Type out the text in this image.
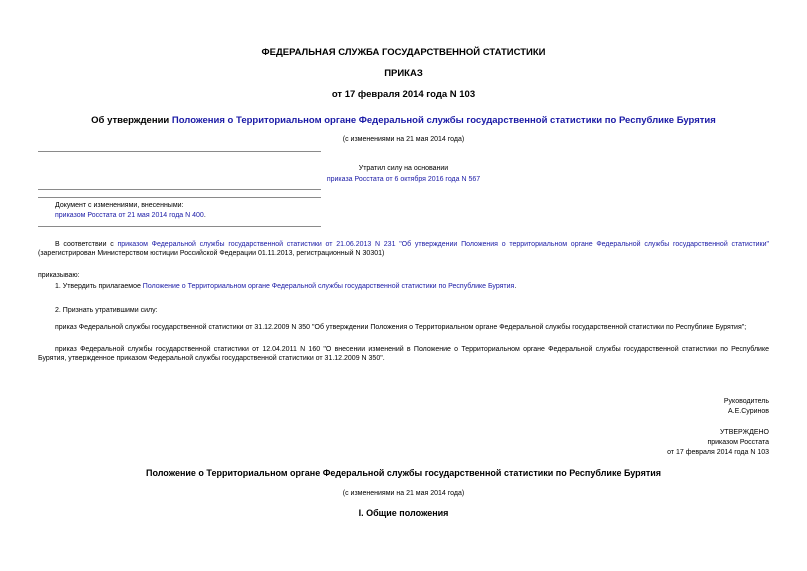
ФЕДЕРАЛЬНАЯ СЛУЖБА ГОСУДАРСТВЕННОЙ СТАТИСТИКИ
ПРИКАЗ
от 17 февраля 2014 года N 103
Об утверждении Положения о Территориальном органе Федеральной службы государственной статистики по Республике Бурятия
(с изменениями на 21 мая 2014 года)
Утратил силу на основании
приказа Росстата от 6 октября 2016 года N 567
Документ с изменениями, внесенными:
приказом Росстата от 21 мая 2014 года N 400.
В соответствии с приказом Федеральной службы государственной статистики от 21.06.2013 N 231 "Об утверждении Положения о территориальном органе Федеральной службы государственной статистики" (зарегистрирован Министерством юстиции Российской Федерации 01.11.2013, регистрационный N 30301)
приказываю:
1. Утвердить прилагаемое Положение о Территориальном органе Федеральной службы государственной статистики по Республике Бурятия.
2. Признать утратившими силу:
приказ Федеральной службы государственной статистики от 31.12.2009 N 350 "Об утверждении Положения о Территориальном органе Федеральной службы государственной статистики по Республике Бурятия";
приказ Федеральной службы государственной статистики от 12.04.2011 N 160 "О внесении изменений в Положение о Территориальном органе Федеральной службы государственной статистики по Республике Бурятия, утвержденное приказом Федеральной службы государственной статистики от 31.12.2009 N 350".
Руководитель
А.Е.Суринов
УТВЕРЖДЕНО
приказом Росстата
от 17 февраля 2014 года N 103
Положение о Территориальном органе Федеральной службы государственной статистики по Республике Бурятия
(с изменениями на 21 мая 2014 года)
I. Общие положения
